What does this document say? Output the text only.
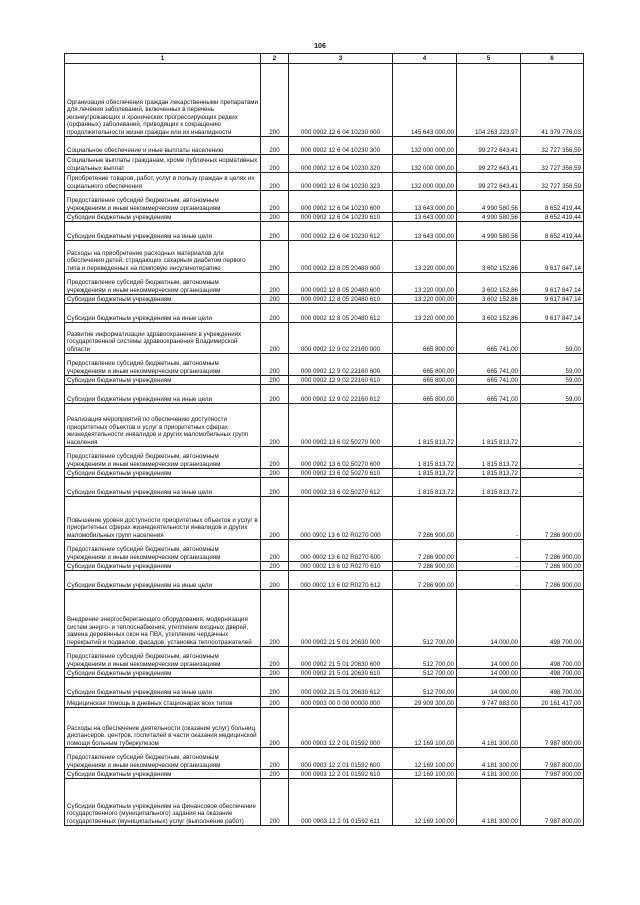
106
1	2	3	4	5	6
Организация обеспечения граждан лекарственными препаратами для лечения заболеваний, включенных в перечень жизнеугрожающих и хронических прогрессирующих редких (орфанных) заболеваний, приводящих к сокращению продолжительности жизни граждан или их инвалидности	200	000 0902 12 6 04 10230 000	145 643 000,00	104 263 223,97	41 379 776,03
Социальное обеспечение и иные выплаты населению	200	000 0902 12 6 04 10230 300	132 000 000,00	99 272 643,41	32 727 356,59
Социальные выплаты гражданам, кроме публичных нормативных социальных выплат	200	000 0902 12 6 04 10230 320	132 000 000,00	99 272 643,41	32 727 356,59
Приобретение товаров, работ, услуг в пользу граждан в целях их социального обеспечения	200	000 0902 12 6 04 10230 323	132 000 000,00	99 272 643,41	32 727 356,59
Предоставление субсидий бюджетным, автономным учреждениям и иным некоммерческим организациям	200	000 0902 12 6 04 10230 600	13 643 000,00	4 990 580,56	8 652 419,44
Субсидии бюджетным учреждениям	200	000 0902 12 6 04 10230 610	13 643 000,00	4 990 580,56	8 652 419,44
Субсидии бюджетным учреждениям на иные цели	200	000 0902 12 6 04 10230 612	13 643 000,00	4 990 580,56	8 652 419,44
Расходы на приобретение расходных материалов для обеспечения детей, страдающих сахарным диабетом первого типа и переведенных на помповую инсулинотерапию	200	000 0902 12 8 05 20480 000	13 220 000,00	3 602 152,86	9 617 847,14
Предоставление субсидий бюджетным, автономным учреждениям и иным некоммерческим организациям	200	000 0902 12 8 05 20480 600	13 220 000,00	3 602 152,86	9 617 847,14
Субсидии бюджетным учреждениям	200	000 0902 12 8 05 20480 610	13 220 000,00	3 602 152,86	9 617 847,14
Субсидии бюджетным учреждениям на иные цели	200	000 0902 12 8 05 20480 612	13 220 000,00	3 602 152,86	9 617 847,14
Развитие информатизации здравоохранения в учреждениях государственной системы здравоохранения Владимирской области	200	000 0902 12 9 02 22160 000	665 800,00	665 741,00	59,00
Предоставление субсидий бюджетным, автономным учреждениям и иным некоммерческим организациям	200	000 0902 12 9 02 22160 600	665 800,00	665 741,00	59,00
Субсидии бюджетным учреждениям	200	000 0902 12 9 02 22160 610	665 800,00	665 741,00	59,00
Субсидии бюджетным учреждениям на иные цели	200	000 0902 12 9 02 22160 612	665 800,00	665 741,00	59,00
Реализация мероприятий по обеспечению доступности приоритетных объектов и услуг в приоритетных сферах жизнедеятельности инвалидов и других маломобильных групп населения	200	000 0902 13 6 02 50270 000	1 815 813,72	1 815 813,72	-
Предоставление субсидий бюджетным, автономным учреждениям и иным некоммерческим организациям	200	000 0902 13 6 02 50270 600	1 815 813,72	1 815 813,72	-
Субсидии бюджетным учреждениям	200	000 0902 13 6 02 50270 610	1 815 813,72	1 815 813,72	-
Субсидии бюджетным учреждениям на иные цели	200	000 0902 13 6 02 50270 612	1 815 813,72	1 815 813,72	-
Повышение уровня доступности приоритетных объектов и услуг в приоритетных сферах жизнедеятельности инвалидов и других маломобильных групп населения	200	000 0902 13 6 02 R0270 000	7 286 900,00	-	7 286 900,00
Предоставление субсидий бюджетным, автономным учреждениям и иным некоммерческим организациям	200	000 0902 13 6 02 R0270 600	7 286 900,00	-	7 286 900,00
Субсидии бюджетным учреждениям	200	000 0902 13 6 02 R0270 610	7 286 900,00	-	7 286 900,00
Субсидии бюджетным учреждениям на иные цели	200	000 0902 13 6 02 R0270 612	7 286 900,00	-	7 286 900,00
Внедрение энергосберегающего оборудования, модернизация систем энерго- и теплоснабжения, утепление входных дверей, замена деревянных окон на ПВХ, утепление чердачных перекрытий и подвалов, фасадов, установка теплоотражателей	200	000 0902 21 5 01 20630 000	512 700,00	14 000,00	498 700,00
Предоставление субсидий бюджетным, автономным учреждениям и иным некоммерческим организациям	200	000 0902 21 5 01 20630 600	512 700,00	14 000,00	498 700,00
Субсидии бюджетным учреждениям	200	000 0902 21 5 01 20630 610	512 700,00	14 000,00	498 700,00
Субсидии бюджетным учреждениям на иные цели	200	000 0902 21 5 01 20630 612	512 700,00	14 000,00	498 700,00
Медицинская помощь в дневных стационарах всех типов	200	000 0903 00 0 00 00000 000	29 909 300,00	9 747 883,00	20 161 417,00
Расходы на обеспечение деятельности (оказание услуг) больниц, диспансеров, центров, госпиталей в части оказания медицинской помощи больным туберкулезом	200	000 0903 12 2 01 01592 000	12 169 100,00	4 181 300,00	7 987 800,00
Предоставление субсидий бюджетным, автономным учреждениям и иным некоммерческим организациям	200	000 0903 12 2 01 01592 600	12 169 100,00	4 181 300,00	7 987 800,00
Субсидии бюджетным учреждениям	200	000 0903 12 2 01 01592 610	12 169 100,00	4 181 300,00	7 987 800,00
Субсидии бюджетным учреждениям на финансовое обеспечение государственного (муниципального) задания на оказание государственных (муниципальных) услуг (выполнение работ)	200	000 0903 12 2 01 01592 611	12 169 100,00	4 181 300,00	7 987 800,00
